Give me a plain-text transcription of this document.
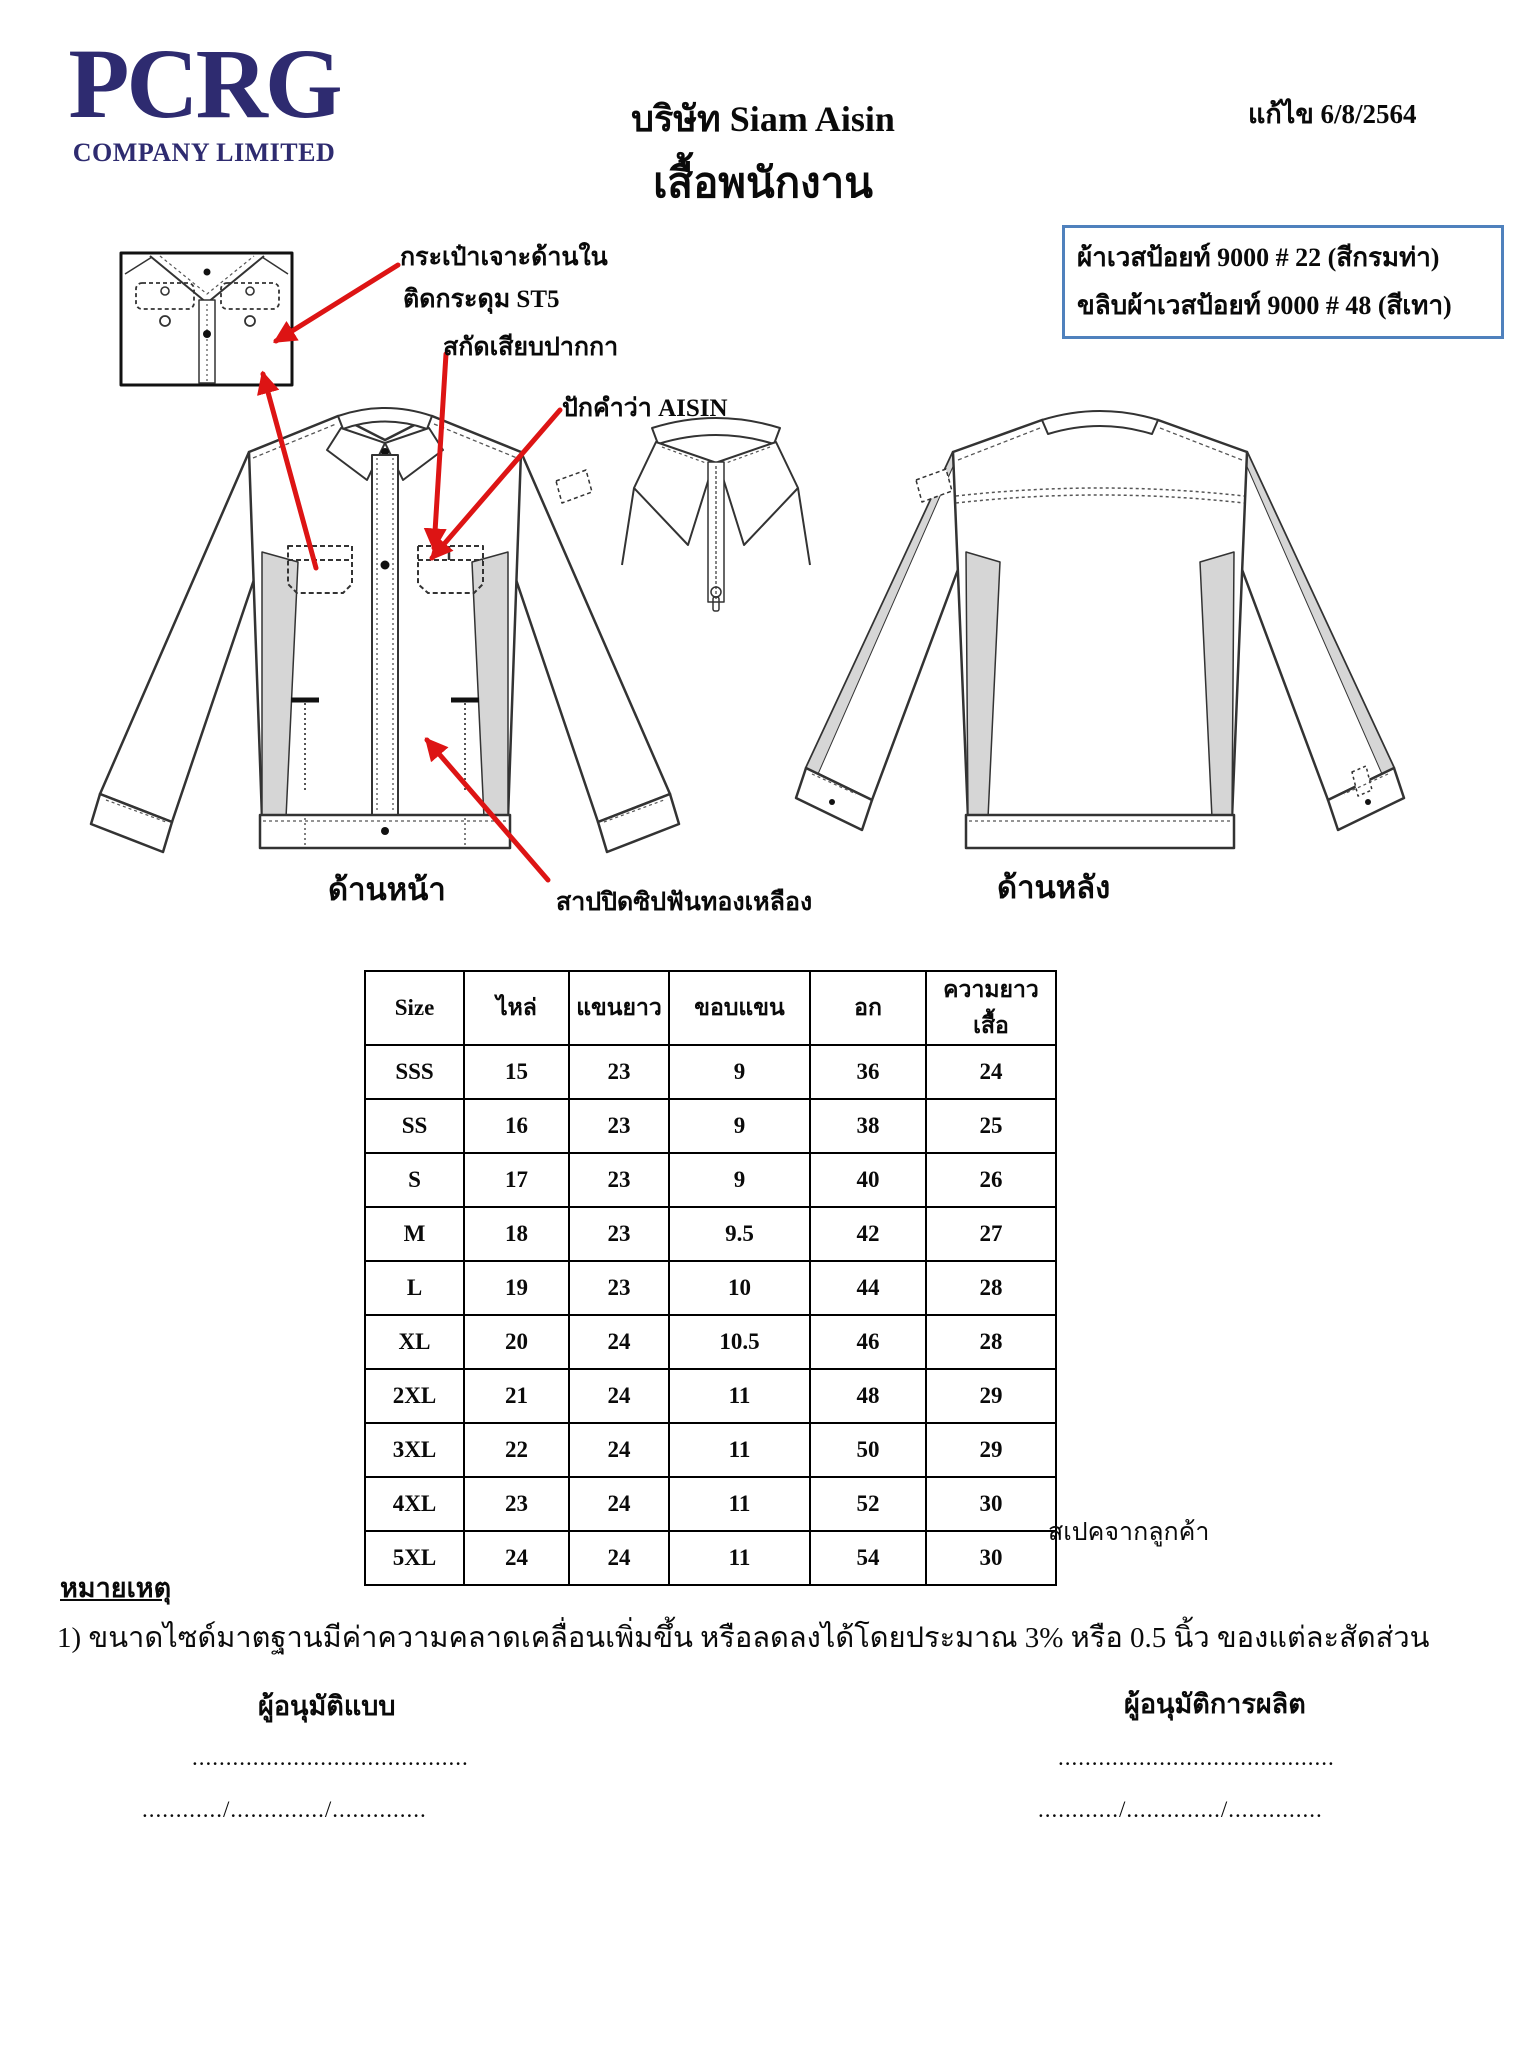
PCRG
COMPANY LIMITED
บริษัท Siam Aisin
เสื้อพนักงาน
แก้ไข 6/8/2564
ผ้าเวสป้อยท์ 9000 # 22 (สีกรมท่า)
ขลิบผ้าเวสป้อยท์ 9000 # 48 (สีเทา)
กระเป๋าเจาะด้านใน
ติดกระดุม ST5
สกัดเสียบปากกา
ปักคำว่า AISIN
สาปปิดซิปฟันทองเหลือง
ด้านหน้า	ด้านหลัง
Size	ไหล่	แขนยาว	ขอบแขน	อก	ความยาวเสื้อ
SSS	15	23	9	36	24
SS	16	23	9	38	25
S	17	23	9	40	26
M	18	23	9.5	42	27
L	19	23	10	44	28
XL	20	24	10.5	46	28
2XL	21	24	11	48	29
3XL	22	24	11	50	29
4XL	23	24	11	52	30
5XL	24	24	11	54	30
สเปคจากลูกค้า
หมายเหตุ
1) ขนาดไซด์มาตฐานมีค่าความคลาดเคลื่อนเพิ่มขึ้น หรือลดลงได้โดยประมาณ 3% หรือ 0.5 นิ้ว ของแต่ละสัดส่วน
ผู้อนุมัติแบบ
.........................................
............/............../..............
ผู้อนุมัติการผลิต
.........................................
............/............../..............
